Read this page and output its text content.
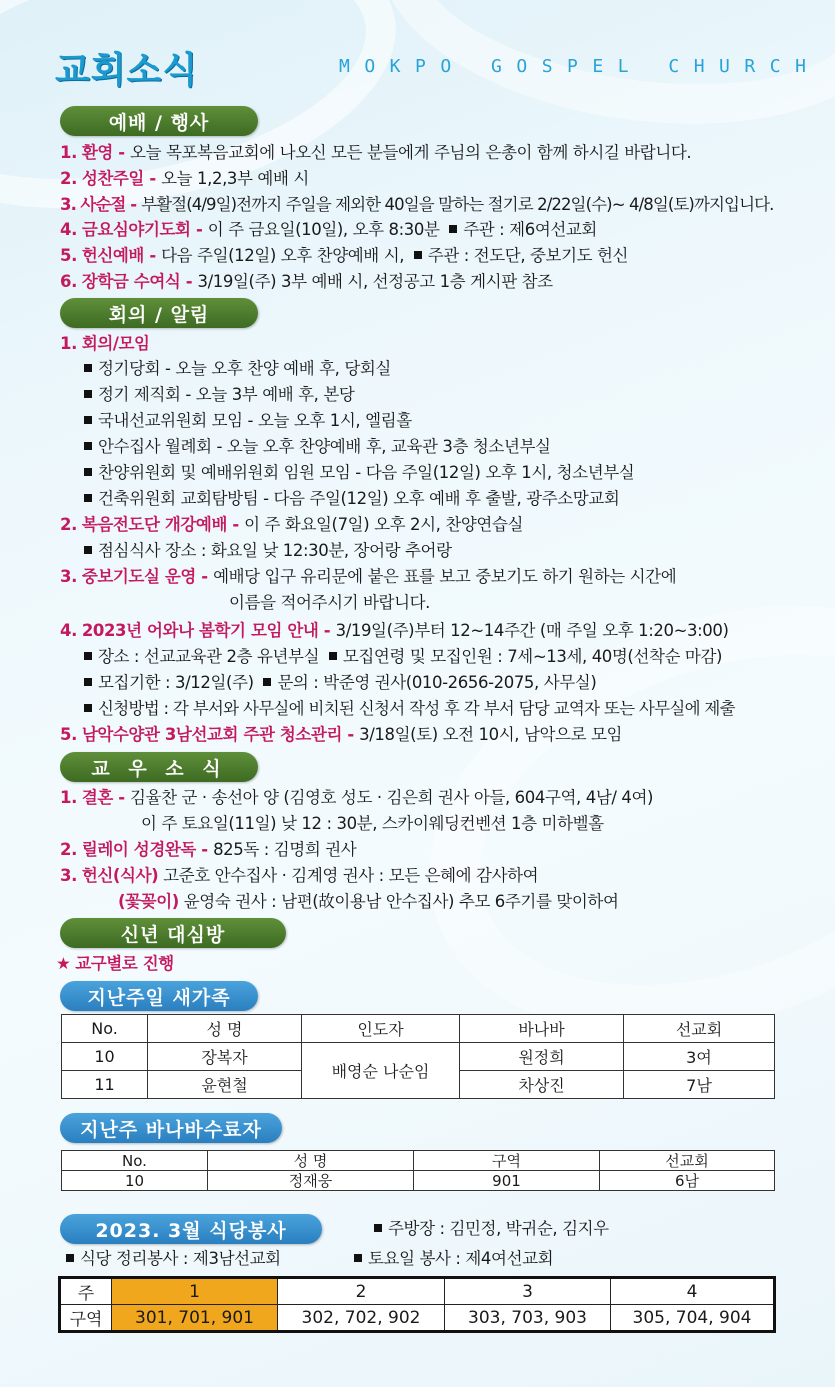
교회소식	MOKPO GOSPEL CHURCH
예배 / 행사
1. 환영 - 오늘 목포복음교회에 나오신 모든 분들에게 주님의 은총이 함께 하시길 바랍니다.
2. 성찬주일 - 오늘 1,2,3부 예배 시
3. 사순절 - 부활절(4/9일)전까지 주일을 제외한 40일을 말하는 절기로 2/22일(수)~ 4/8일(토)까지입니다.
4. 금요심야기도회 - 이 주 금요일(10일), 오후 8:30분 주관 : 제6여선교회
5. 헌신예배 - 다음 주일(12일) 오후 찬양예배 시, 주관 : 전도단, 중보기도 헌신
6. 장학금 수여식 - 3/19일(주) 3부 예배 시, 선정공고 1층 게시판 참조
회의 / 알림
1. 회의/모임
정기당회 - 오늘 오후 찬양 예배 후, 당회실
정기 제직회 - 오늘 3부 예배 후, 본당
국내선교위원회 모임 - 오늘 오후 1시, 엘림홀
안수집사 월례회 - 오늘 오후 찬양예배 후, 교육관 3층 청소년부실
찬양위원회 및 예배위원회 임원 모임 - 다음 주일(12일) 오후 1시, 청소년부실
건축위원회 교회탐방팀 - 다음 주일(12일) 오후 예배 후 출발, 광주소망교회
2. 복음전도단 개강예배 - 이 주 화요일(7일) 오후 2시, 찬양연습실
점심식사 장소 : 화요일 낮 12:30분, 장어랑 추어랑
3. 중보기도실 운영 - 예배당 입구 유리문에 붙은 표를 보고 중보기도 하기 원하는 시간에
이름을 적어주시기 바랍니다.
4. 2023년 어와나 봄학기 모임 안내 - 3/19일(주)부터 12~14주간 (매 주일 오후 1:20~3:00)
장소 : 선교교육관 2층 유년부실 모집연령 및 모집인원 : 7세~13세, 40명(선착순 마감)
모집기한 : 3/12일(주) 문의 : 박준영 권사(010-2656-2075, 사무실)
신청방법 : 각 부서와 사무실에 비치된 신청서 작성 후 각 부서 담당 교역자 또는 사무실에 제출
5. 남악수양관 3남선교회 주관 청소관리 - 3/18일(토) 오전 10시, 남악으로 모임
교 우 소 식
1. 결혼 - 김율찬 군 · 송선아 양 (김영호 성도 · 김은희 권사 아들, 604구역, 4남/ 4여)
이 주 토요일(11일) 낮 12 : 30분, 스카이웨딩컨벤션 1층 미하벨홀
2. 릴레이 성경완독 - 825독 : 김명희 권사
3. 헌신(식사) 고준호 안수집사 · 김계영 권사 : 모든 은혜에 감사하여
(꽃꽂이) 윤영숙 권사 : 남편(故이용남 안수집사) 추모 6주기를 맞이하여
신년 대심방
★ 교구별로 진행
지난주일 새가족
No.	성 명	인도자	바나바	선교회
10	장복자	배영순 나순임	원정희	3여
11	윤현철		차상진	7남
지난주 바나바수료자
No.	성 명	구역	선교회
10	정재웅	901	6남
2023. 3월 식당봉사	주방장 : 김민정, 박귀순, 김지우
식당 정리봉사 : 제3남선교회	토요일 봉사 : 제4여선교회
주	1	2	3	4
구역	301, 701, 901	302, 702, 902	303, 703, 903	305, 704, 904
